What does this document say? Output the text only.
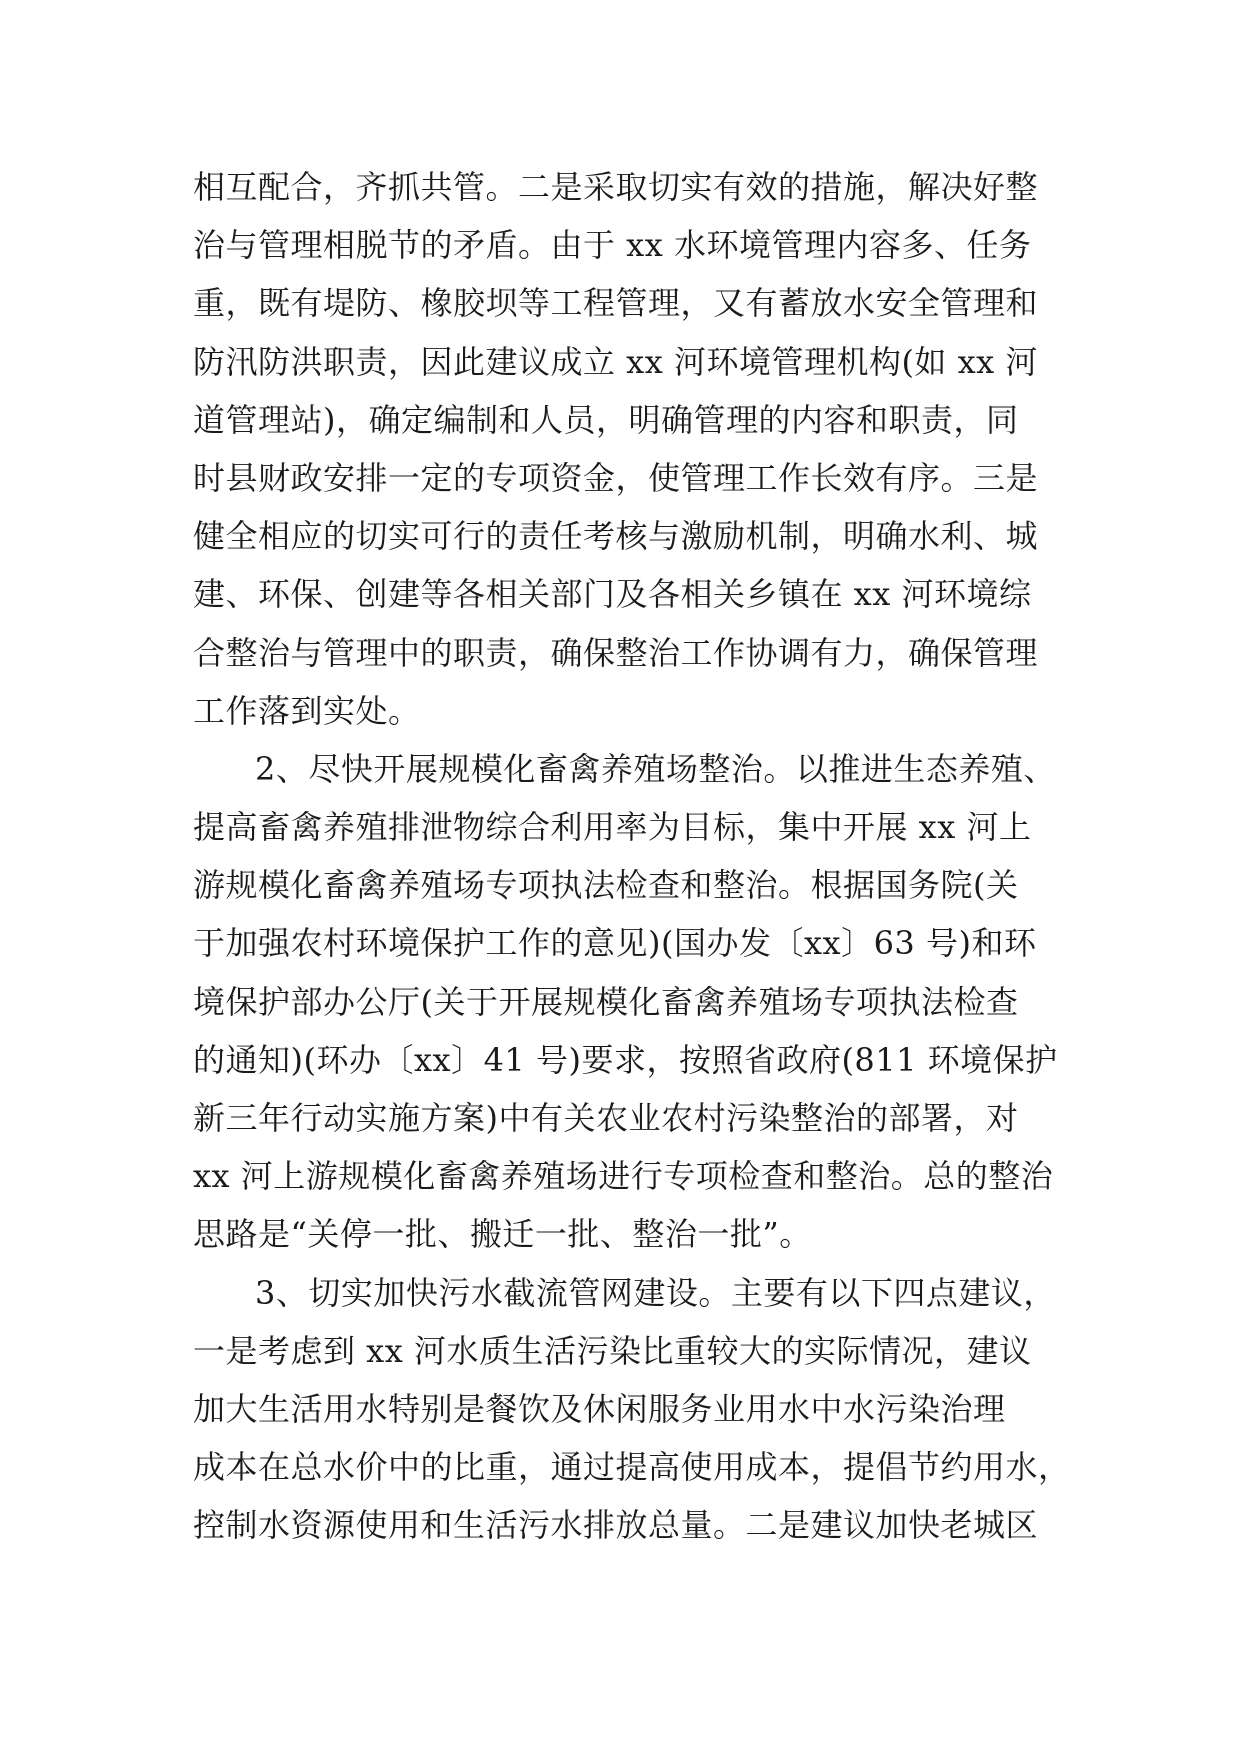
相互配合，齐抓共管。二是采取切实有效的措施，解决好整
治与管理相脱节的矛盾。由于 xx 水环境管理内容多、任务
重，既有堤防、橡胶坝等工程管理，又有蓄放水安全管理和
防汛防洪职责，因此建议成立 xx 河环境管理机构(如 xx 河
道管理站)，确定编制和人员，明确管理的内容和职责，同
时县财政安排一定的专项资金，使管理工作长效有序。三是
健全相应的切实可行的责任考核与激励机制，明确水利、城
建、环保、创建等各相关部门及各相关乡镇在 xx 河环境综
合整治与管理中的职责，确保整治工作协调有力，确保管理
工作落到实处。
2、尽快开展规模化畜禽养殖场整治。以推进生态养殖、
提高畜禽养殖排泄物综合利用率为目标，集中开展 xx 河上
游规模化畜禽养殖场专项执法检查和整治。根据国务院(关
于加强农村环境保护工作的意见)(国办发〔xx〕63 号)和环
境保护部办公厅(关于开展规模化畜禽养殖场专项执法检查
的通知)(环办〔xx〕41 号)要求，按照省政府(811 环境保护
新三年行动实施方案)中有关农业农村污染整治的部署，对
xx 河上游规模化畜禽养殖场进行专项检查和整治。总的整治
思路是“关停一批、搬迁一批、整治一批”。
3、切实加快污水截流管网建设。主要有以下四点建议，
一是考虑到 xx 河水质生活污染比重较大的实际情况，建议
加大生活用水特别是餐饮及休闲服务业用水中水污染治理
成本在总水价中的比重，通过提高使用成本，提倡节约用水，
控制水资源使用和生活污水排放总量。二是建议加快老城区
